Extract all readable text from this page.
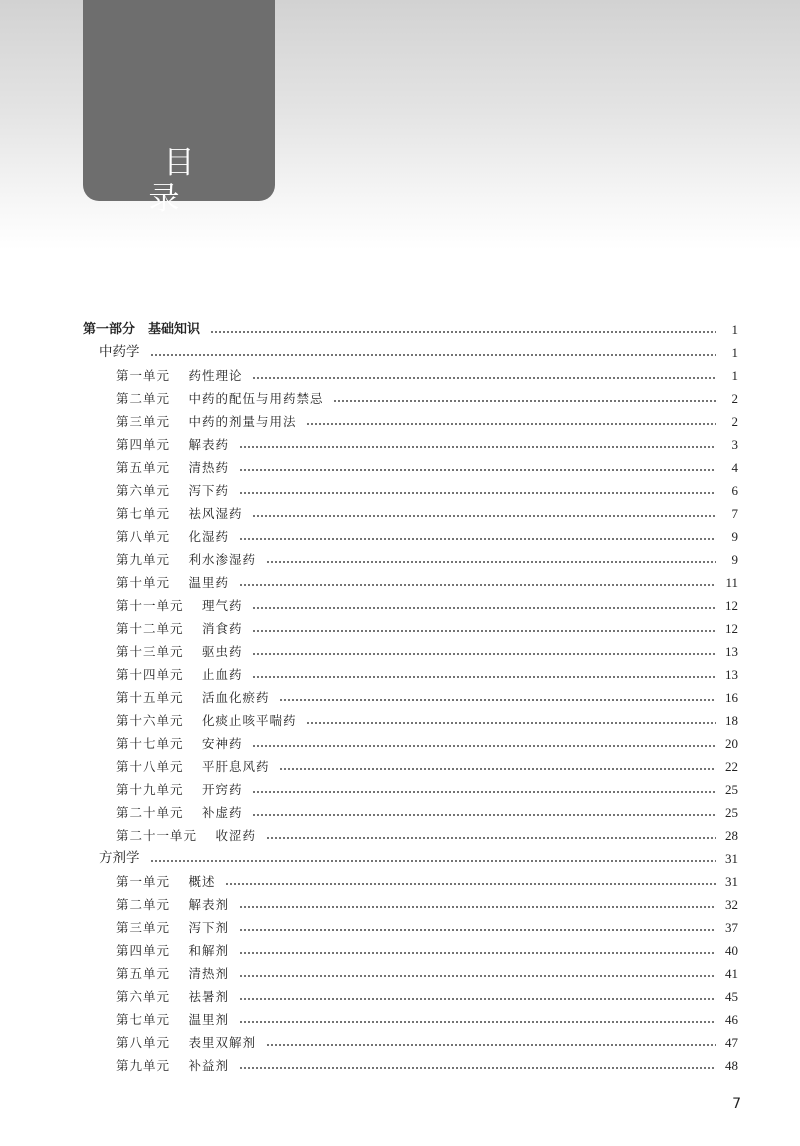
目　录
第一部分　基础知识	1
中药学	1
第一单元　 药性理论	1
第二单元　 中药的配伍与用药禁忌	2
第三单元　 中药的剂量与用法	2
第四单元　 解表药	3
第五单元　 清热药	4
第六单元　 泻下药	6
第七单元　 祛风湿药	7
第八单元　 化湿药	9
第九单元　 利水渗湿药	9
第十单元　 温里药	11
第十一单元　 理气药	12
第十二单元　 消食药	12
第十三单元　 驱虫药	13
第十四单元　 止血药	13
第十五单元　 活血化瘀药	16
第十六单元　 化痰止咳平喘药	18
第十七单元　 安神药	20
第十八单元　 平肝息风药	22
第十九单元　 开窍药	25
第二十单元　 补虚药	25
第二十一单元　 收涩药	28
方剂学	31
第一单元　 概述	31
第二单元　 解表剂	32
第三单元　 泻下剂	37
第四单元　 和解剂	40
第五单元　 清热剂	41
第六单元　 祛暑剂	45
第七单元　 温里剂	46
第八单元　 表里双解剂	47
第九单元　 补益剂	48
7
